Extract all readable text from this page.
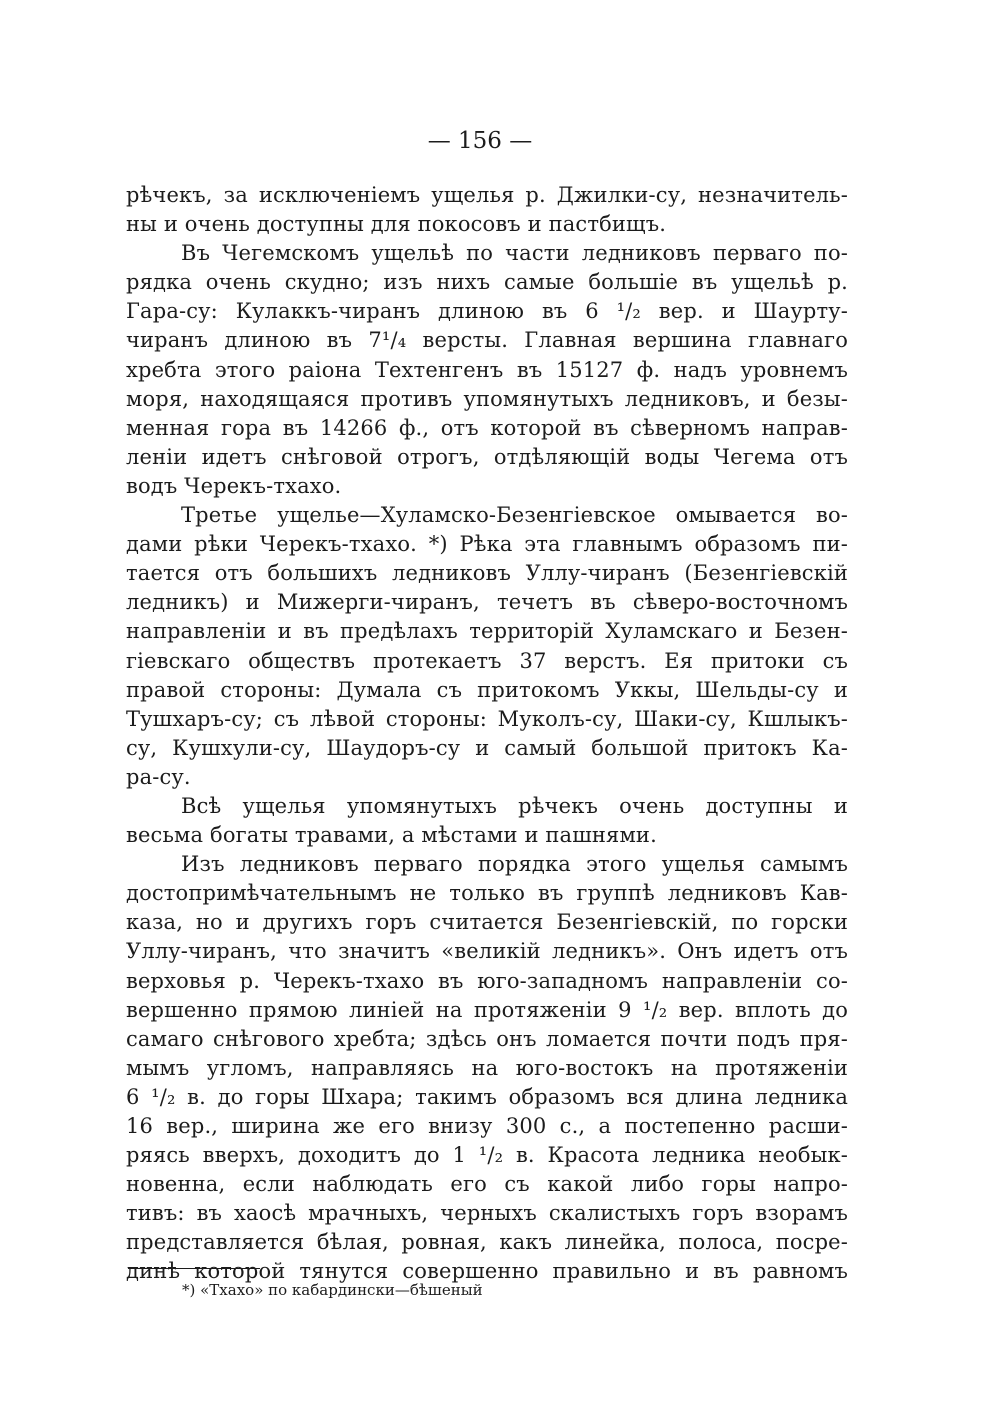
— 156 —
рѣчекъ, за исключеніемъ ущелья р. Джилки-су, незначитель-
ны и очень доступны для покосовъ и пастбищъ.
Въ Чегемскомъ ущельѣ по части ледниковъ перваго по-
рядка очень скудно; изъ нихъ самые большіе въ ущельѣ р.
Гара-су: Кулаккъ-чиранъ длиною въ 6 ¹/₂ вер. и Шауpту-
чиранъ длиною въ 7¹/₄ версты. Главная вершина главнаго
хребта этого раіона Техтенгенъ въ 15127 ф. надъ уровнемъ
моря, находящаяся противъ упомянутыхъ ледниковъ, и безы-
менная гора въ 14266 ф., отъ которой въ сѣверномъ направ-
леніи идетъ снѣговой отрогъ, отдѣляющій воды Чегема отъ
водъ Черекъ-тхахо.
Третье ущелье—Хуламско-Безенгіевское омывается во-
дами рѣки Черекъ-тхахо. *) Рѣка эта главнымъ образомъ пи-
тается отъ большихъ ледниковъ Уллу-чиранъ (Безенгіевскій
ледникъ) и Мижерги-чиранъ, течетъ въ сѣверо-восточномъ
направленіи и въ предѣлахъ территорій Хуламскаго и Безен-
гіевскаго обществъ протекаетъ 37 верстъ. Ея притоки съ
правой стороны: Думала съ притокомъ Уккы, Шельды-су и
Тушхаръ-су; съ лѣвой стороны: Муколъ-су, Шаки-су, Кшлыкъ-
су, Кушхули-су, Шаудоръ-су и самый большой притокъ Ка-
ра-су.
Всѣ ущелья упомянутыхъ рѣчекъ очень доступны и
весьма богаты травами, а мѣстами и пашнями.
Изъ ледниковъ перваго порядка этого ущелья самымъ
достопримѣчательнымъ не только въ группѣ ледниковъ Кав-
каза, но и другихъ горъ считается Безенгіевскій, по горски
Уллу-чиранъ, что значитъ «великій ледникъ». Онъ идетъ отъ
верховья р. Черекъ-тхахо въ юго-западномъ направленіи со-
вершенно прямою линіей на протяженіи 9 ¹/₂ вер. вплоть до
самаго снѣгового хребта; здѣсь онъ ломается почти подъ пря-
мымъ угломъ, направляясь на юго-востокъ на протяженіи
6 ¹/₂ в. до горы Шхара; такимъ образомъ вся длина ледника
16 вер., ширина же его внизу 300 с., а постепенно расши-
ряясь вверхъ, доходитъ до 1 ¹/₂ в. Красота ледника необык-
новенна, если наблюдать его съ какой либо горы напро-
тивъ: въ хаосѣ мрачныхъ, черныхъ скалистыхъ горъ взорамъ
представляется бѣлая, ровная, какъ линейка, полоса, посре-
динѣ которой тянутся совершенно правильно и въ равномъ
*) «Тхахо» по кабардински—бѣшеный
